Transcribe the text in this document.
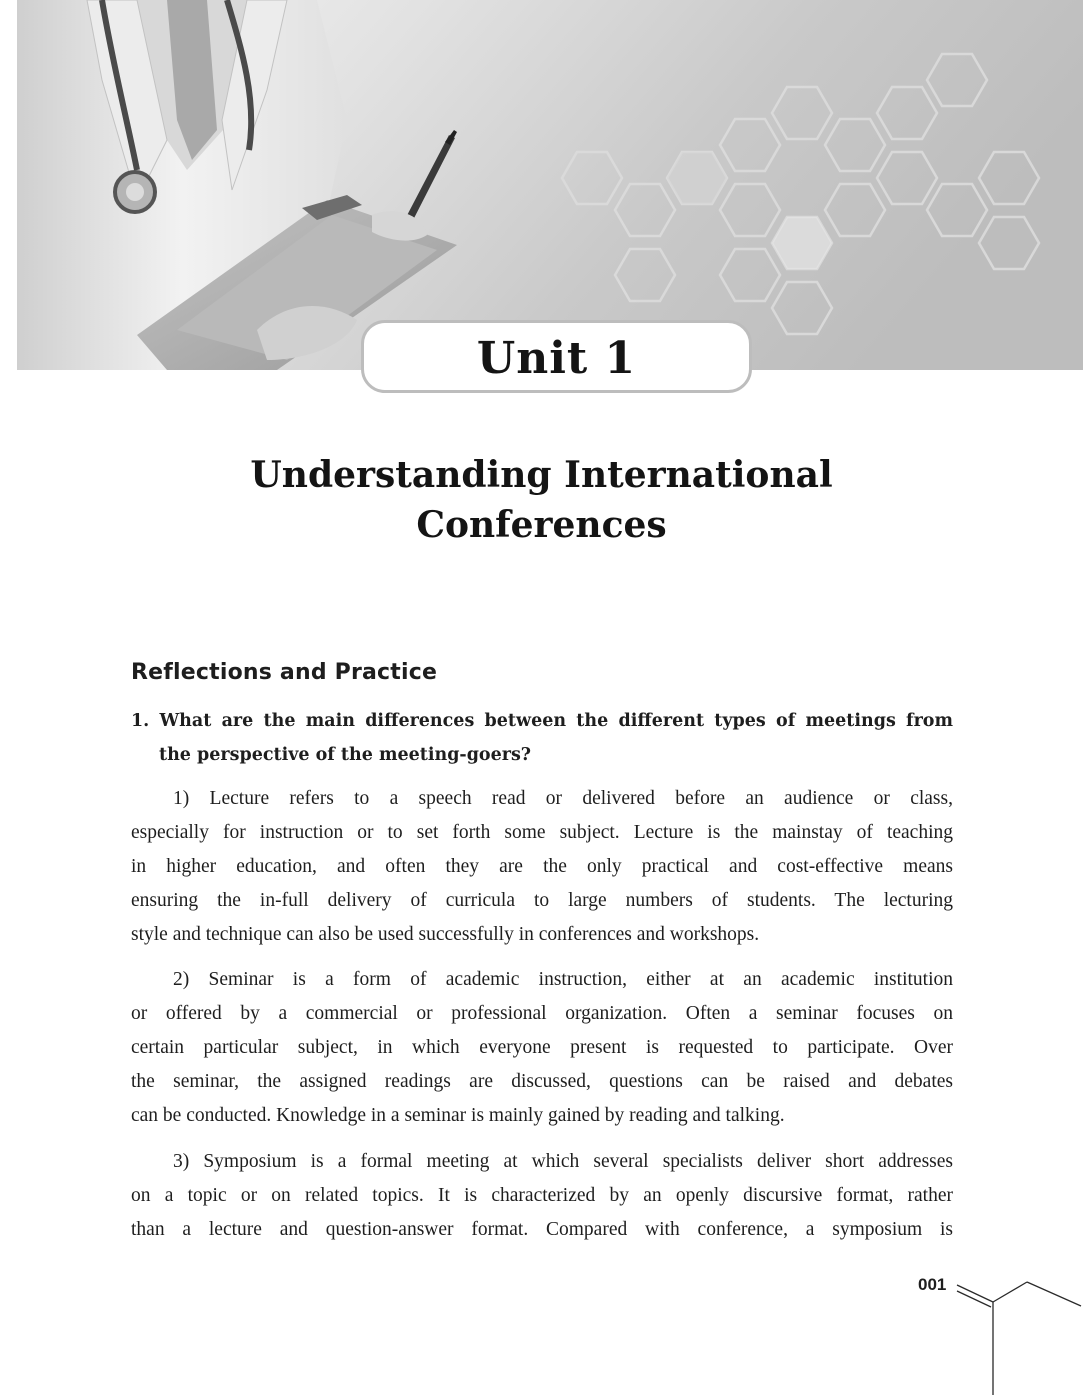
Unit 1
Understanding International
Conferences
Reflections and Practice
1. What are the main differences between the different types of meetings from
the perspective of the meeting-goers?
1) Lecture refers to a speech read or delivered before an audience or class,
especially for instruction or to set forth some subject. Lecture is the mainstay of teaching
in higher education, and often they are the only practical and cost-effective means
ensuring the in-full delivery of curricula to large numbers of students. The lecturing
style and technique can also be used successfully in conferences and workshops.
2) Seminar is a form of academic instruction, either at an academic institution
or offered by a commercial or professional organization. Often a seminar focuses on
certain particular subject, in which everyone present is requested to participate. Over
the seminar, the assigned readings are discussed, questions can be raised and debates
can be conducted. Knowledge in a seminar is mainly gained by reading and talking.
3) Symposium is a formal meeting at which several specialists deliver short addresses
on a topic or on related topics. It is characterized by an openly discursive format, rather
than a lecture and question-answer format. Compared with conference, a symposium is
001
